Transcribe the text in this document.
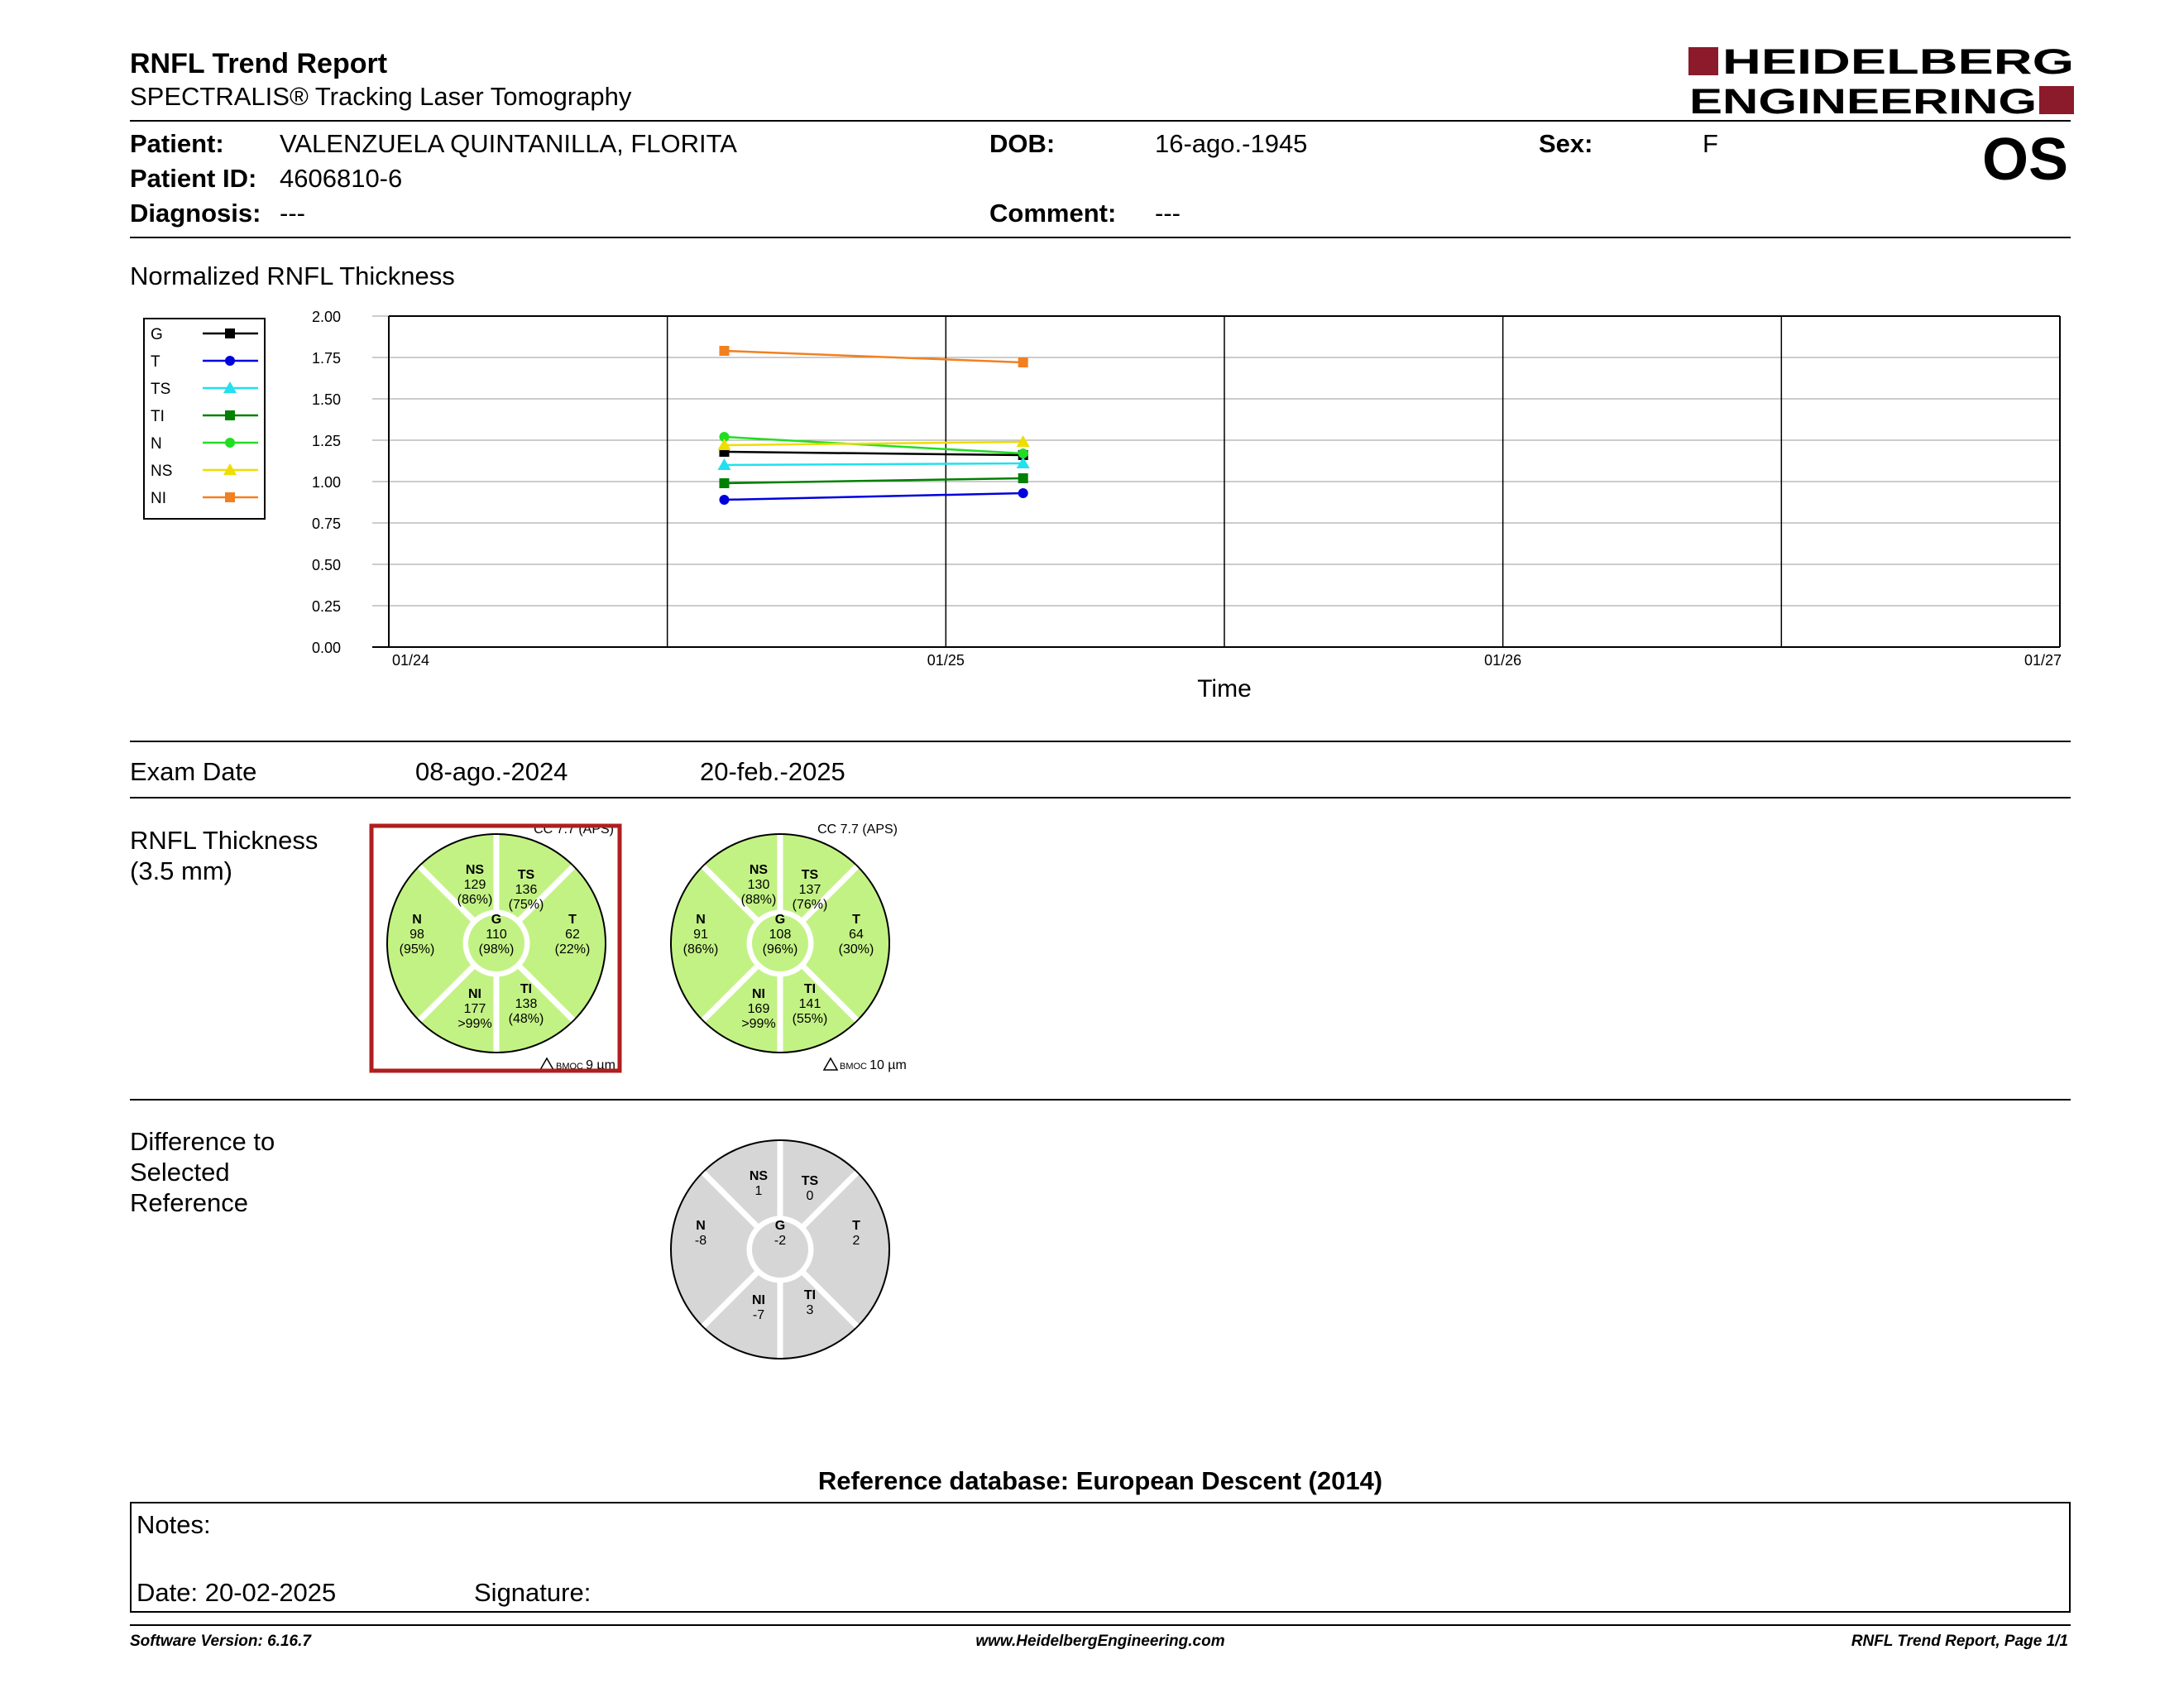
RNFL Trend Report
SPECTRALIS® Tracking Laser Tomography
HEIDELBERG
ENGINEERING
Patient: VALENZUELA QUINTANILLA, FLORITA
Patient ID: 4606810-6
Diagnosis: ---
DOB:	16-ago.-1945
Comment: ---
Sex:	F	OS
Normalized RNFL Thickness
0.00
0.25
0.50
0.75
1.00
1.25
1.50
1.75
2.00
01/24	01/25	01/26	01/27
Time
G
T
TS
TI
N
NS
NI
Exam Date	08-ago.-2024	20-feb.-2025
RNFL Thickness
(3.5 mm)	NS
129
(86%)
TS
136
(75%)
N
98
(95%)
G
110
(98%)
T
62
(22%)
NI
177
>99%
TI
138
(48%)
CC 7.7 (APS)
BMOC 9 µm
NS
130
(88%)
TS
137
(76%)
N
91
(86%)
G
108
(96%)
T
64
(30%)
NI
169
>99%
TI
141
(55%)
CC 7.7 (APS)
BMOC 10 µm
Difference to
Selected
Reference
NS
1
TS
0
N
-8
G
-2
T
2
NI
-7
TI
3
Reference database: European Descent (2014)
Notes:
Date: 20-02-2025	Signature:
Software Version: 6.16.7	www.HeidelbergEngineering.com	RNFL Trend Report, Page 1/1
